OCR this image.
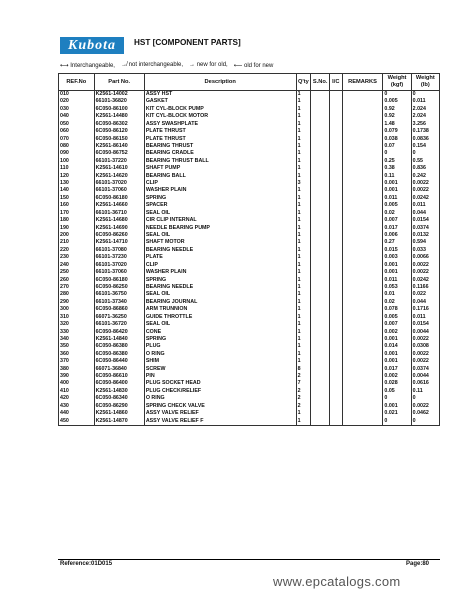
Kubota HST [COMPONENT PARTS]
⟷ Interchangeable, ↛ not interchangeable, → new for old, ⟵ old for new
REF.No	Part No.	Description	Q'ty	S.No.	I/C	REMARKS	Weight (kgf)	Weight (lb)
010	K2561-14002	ASSY HST	1				0	0
020	66101-36820	GASKET	1				0.005	0.011
030	6C050-86100	KIT CYL-BLOCK PUMP	1				0.92	2.024
040	K2561-14480	KIT CYL-BLOCK MOTOR	1				0.92	2.024
050	6C050-86302	ASSY SWASHPLATE	1				1.48	3.256
060	6C050-86120	PLATE THRUST	1				0.079	0.1738
070	6C050-86150	PLATE THRUST	1				0.038	0.0836
080	K2561-86140	BEARING THRUST	1				0.07	0.154
090	6C050-86752	BEARING CRADLE	1				0	0
100	66101-37220	BEARING THRUST BALL	1				0.25	0.55
110	K2561-14610	SHAFT PUMP	1				0.38	0.836
120	K2561-14620	BEARING BALL	1				0.11	0.242
130	66101-37020	CLIP	3				0.001	0.0022
140	66101-37060	WASHER PLAIN	1				0.001	0.0022
150	6C050-86180	SPRING	1				0.011	0.0242
160	K2561-14660	SPACER	1				0.005	0.011
170	66101-36710	SEAL OIL	1				0.02	0.044
180	K2561-14680	CIR CLIP INTERNAL	1				0.007	0.0154
190	K2561-14690	NEEDLE BEARING PUMP	1				0.017	0.0374
200	6C050-86260	SEAL OIL	1				0.006	0.0132
210	K2561-14710	SHAFT MOTOR	1				0.27	0.594
220	66101-37080	BEARING NEEDLE	1				0.015	0.033
230	66101-37230	PLATE	1				0.003	0.0066
240	66101-37020	CLIP	1				0.001	0.0022
250	66101-37060	WASHER PLAIN	1				0.001	0.0022
260	6C050-86180	SPRING	1				0.011	0.0242
270	6C050-86250	BEARING NEEDLE	1				0.053	0.1166
280	66101-36750	SEAL OIL	1				0.01	0.022
290	66101-37340	BEARING JOURNAL	1				0.02	0.044
300	6C050-86860	ARM TRUNNION	1				0.078	0.1716
310	66071-36250	GUIDE THROTTLE	1				0.005	0.011
320	66101-36720	SEAL OIL	1				0.007	0.0154
330	6C050-86420	CONE	1				0.002	0.0044
340	K2561-14840	SPRING	1				0.001	0.0022
350	6C050-86380	PLUG	1				0.014	0.0308
360	6C050-86380	O RING	1				0.001	0.0022
370	6C050-86440	SHIM	1				0.001	0.0022
380	66071-36840	SCREW	8				0.017	0.0374
390	6C050-86610	PIN	2				0.002	0.0044
400	6C050-86400	PLUG SOCKET HEAD	7				0.028	0.0616
410	K2561-14830	PLUG CHECK/RELIEF	2				0.05	0.11
420	6C050-86340	O RING	2				0	0
430	6C050-86290	SPRING CHECK VALVE	2				0.001	0.0022
440	K2561-14860	ASSY VALVE RELIEF	1				0.021	0.0462
450	K2561-14870	ASSY VALVE RELIEF F	1				0	0
Reference:01D015	Page:80
www.epcatalogs.com
